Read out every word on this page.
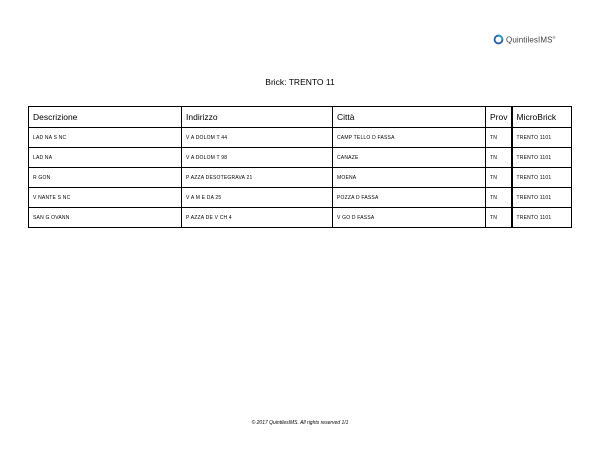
QuintilesIMS®
Brick: TRENTO 11
Descrizione	Indirizzo	Città	Prov	MicroBrick
LAD NA S NC	V A DOLOM T 44	CAMP TELLO D FASSA	TN	TRENTO 1101
LAD NA	V A DOLOM T 98	CANAZE	TN	TRENTO 1101
R GON	P AZZA DESOTEGRAVA 21	MOENA	TN	TRENTO 1101
V NANTE S NC	V A M E DA 25	POZZA D FASSA	TN	TRENTO 1101
SAN G OVANN	P AZZA DE V CH 4	V GO D FASSA	TN	TRENTO 1101
© 2017 QuintilesIMS. All rights reserved 1/1
